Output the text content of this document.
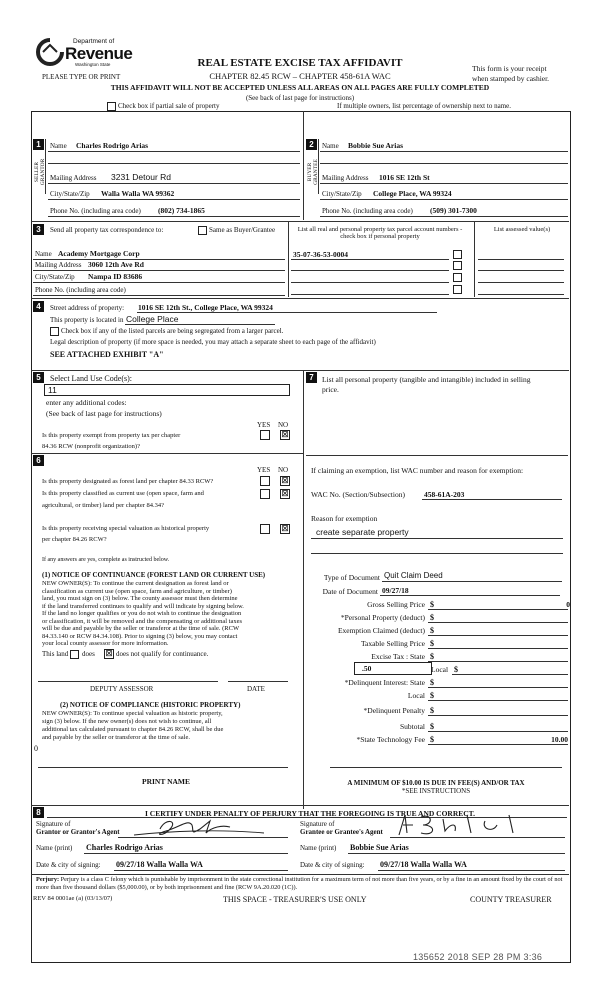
Department of
Revenue
Washington State
PLEASE TYPE OR PRINT
REAL ESTATE EXCISE TAX AFFIDAVIT
CHAPTER 82.45 RCW – CHAPTER 458-61A WAC
This form is your receipt
when stamped by cashier.
THIS AFFIDAVIT WILL NOT BE ACCEPTED UNLESS ALL AREAS ON ALL PAGES ARE FULLY COMPLETED
(See back of last page for instructions)
Check box if partial sale of property	If multiple owners, list percentage of ownership next to name.
1
SELLER GRANTOR
Name Charles Rodrigo Arias
Mailing Address 3231 Detour Rd
City/State/Zip Walla Walla WA 99362
Phone No. (including area code) (802) 734-1865
2
BUYER GRANTEE
Name Bobbie Sue Arias
Mailing Address 1016 SE 12th St
City/State/Zip College Place, WA 99324
Phone No. (including area code) (509) 301-7300
3	Send all property tax correspondence to:	Same as Buyer/Grantee
Name Academy Mortgage Corp
Mailing Address 3060 12th Ave Rd
City/State/Zip Nampa ID 83686
Phone No. (including area code)
List all real and personal property tax parcel account numbers - check box if personal property
List assessed value(s)
35-07-36-53-0004
4	Street address of property: 1016 SE 12th St., College Place, WA 99324
This property is located in College Place
Check box if any of the listed parcels are being segregated from a larger parcel.
Legal description of property (if more space is needed, you may attach a separate sheet to each page of the affidavit)
SEE ATTACHED EXHIBIT "A"
5	Select Land Use Code(s):
11
enter any additional codes:
(See back of last page for instructions)
YES NO
Is this property exempt from property tax per chapter
84.36 RCW (nonprofit organization)?
⊠
6
YES NO
Is this property designated as forest land per chapter 84.33 RCW?	⊠
Is this property classified as current use (open space, farm and
agricultural, or timber) land per chapter 84.34?
⊠
Is this property receiving special valuation as historical property
per chapter 84.26 RCW?
⊠
If any answers are yes, complete as instructed below.
(1) NOTICE OF CONTINUANCE (FOREST LAND OR CURRENT USE)
NEW OWNER(S): To continue the current designation as forest land or
classification as current use (open space, farm and agriculture, or timber)
land, you must sign on (3) below. The county assessor must then determine
if the land transferred continues to qualify and will indicate by signing below.
If the land no longer qualifies or you do not wish to continue the designation
or classification, it will be removed and the compensating or additional taxes
will be due and payable by the seller or transferor at the time of sale. (RCW
84.33.140 or RCW 84.34.108). Prior to signing (3) below, you may contact
your local county assessor for more information.
This land does ⊠ does not qualify for continuance.
DEPUTY ASSESSOR	DATE
(2) NOTICE OF COMPLIANCE (HISTORIC PROPERTY)
NEW OWNER(S): To continue special valuation as historic property,
sign (3) below. If the new owner(s) does not wish to continue, all
additional tax calculated pursuant to chapter 84.26 RCW, shall be due
and payable by the seller or transferor at the time of sale.
0
PRINT NAME
7	List all personal property (tangible and intangible) included in selling
price.
If claiming an exemption, list WAC number and reason for exemption:
WAC No. (Section/Subsection)	458-61A-203
Reason for exemption
create separate property
Type of Document Quit Claim Deed
Date of Document 09/27/18
Gross Selling Price $	0
*Personal Property (deduct) $
Exemption Claimed (deduct) $
Taxable Selling Price $
Excise Tax : State $
.50	Local $
*Delinquent Interest: State $
Local $
*Delinquent Penalty $
Subtotal $
*State Technology Fee $	10.00
A MINIMUM OF $10.00 IS DUE IN FEE(S) AND/OR TAX
*SEE INSTRUCTIONS
8	I CERTIFY UNDER PENALTY OF PERJURY THAT THE FOREGOING IS TRUE AND CORRECT.
Signature of
Grantor or Grantor's Agent
Name (print) Charles Rodrigo Arias
Date & city of signing: 09/27/18 Walla Walla WA
Signature of
Grantee or Grantee's Agent
Name (print) Bobbie Sue Arias
Date & city of signing: 09/27/18 Walla Walla WA
Perjury: Perjury is a class C felony which is punishable by imprisonment in the state correctional institution for a maximum term of not more than five years, or by a fine in an amount fixed by the court of not more than five thousand dollars ($5,000.00), or by both imprisonment and fine (RCW 9A.20.020 (1C)).
REV 84 0001ae (a) (03/13/07)	THIS SPACE - TREASURER'S USE ONLY	COUNTY TREASURER
135652 2018 SEP 28 PM 3:36
